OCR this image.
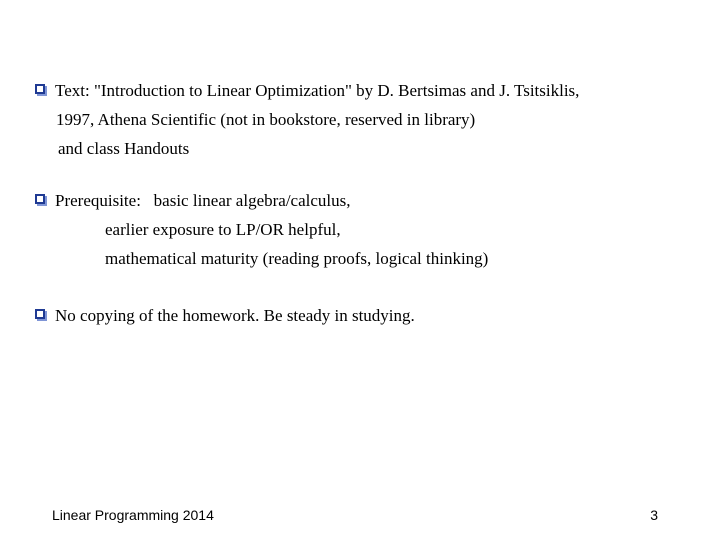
Text: "Introduction to Linear Optimization" by D. Bertsimas and J. Tsitsiklis,
1997, Athena Scientific (not in bookstore, reserved in library)
and class Handouts
Prerequisite:   basic linear algebra/calculus,
earlier exposure to LP/OR helpful,
mathematical maturity (reading proofs, logical thinking)
No copying of the homework. Be steady in studying.
Linear Programming 2014	3
